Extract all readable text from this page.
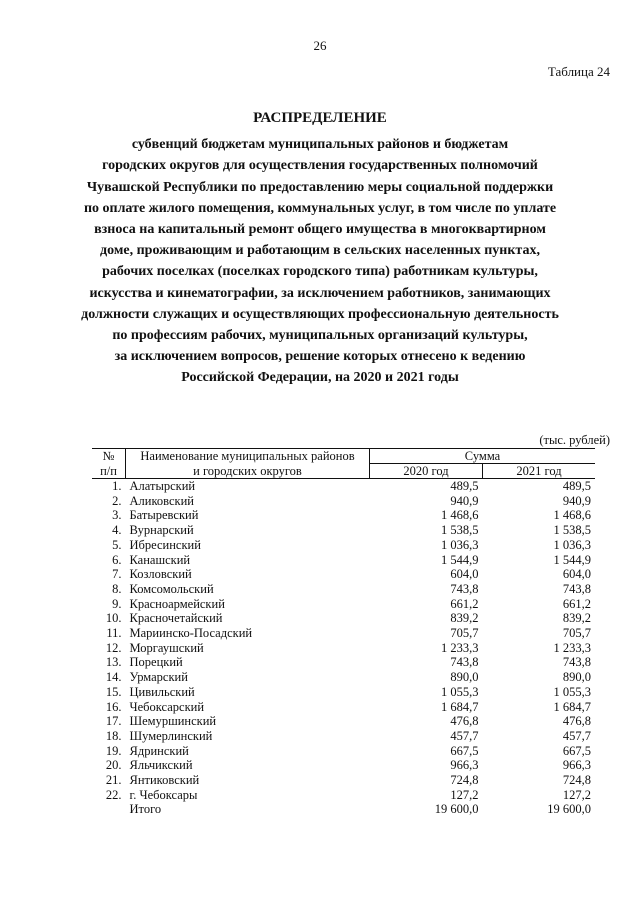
26
Таблица 24
РАСПРЕДЕЛЕНИЕ
субвенций бюджетам муниципальных районов и бюджетам
городских округов для осуществления государственных полномочий
Чувашской Республики по предоставлению меры социальной поддержки
по оплате жилого помещения, коммунальных услуг, в том числе по уплате
взноса на капитальный ремонт общего имущества в многоквартирном
доме, проживающим и работающим в сельских населенных пунктах,
рабочих поселках (поселках городского типа) работникам культуры,
искусства и кинематографии, за исключением работников, занимающих
должности служащих и осуществляющих профессиональную деятельность
по профессиям рабочих, муниципальных организаций культуры,
за исключением вопросов, решение которых отнесено к ведению
Российской Федерации, на 2020 и 2021 годы
(тыс. рублей)
№	Наименование муниципальных районов	Сумма	
п/п	и городских округов	2020 год	2021 год
1.	Алатырский	489,5	489,5
2.	Аликовский	940,9	940,9
3.	Батыревский	1 468,6	1 468,6
4.	Вурнарский	1 538,5	1 538,5
5.	Ибресинский	1 036,3	1 036,3
6.	Канашский	1 544,9	1 544,9
7.	Козловский	604,0	604,0
8.	Комсомольский	743,8	743,8
9.	Красноармейский	661,2	661,2
10.	Красночетайский	839,2	839,2
11.	Мариинско-Посадский	705,7	705,7
12.	Моргаушский	1 233,3	1 233,3
13.	Порецкий	743,8	743,8
14.	Урмарский	890,0	890,0
15.	Цивильский	1 055,3	1 055,3
16.	Чебоксарский	1 684,7	1 684,7
17.	Шемуршинский	476,8	476,8
18.	Шумерлинский	457,7	457,7
19.	Ядринский	667,5	667,5
20.	Яльчикский	966,3	966,3
21.	Янтиковский	724,8	724,8
22.	г. Чебоксары	127,2	127,2
	Итого	19 600,0	19 600,0
